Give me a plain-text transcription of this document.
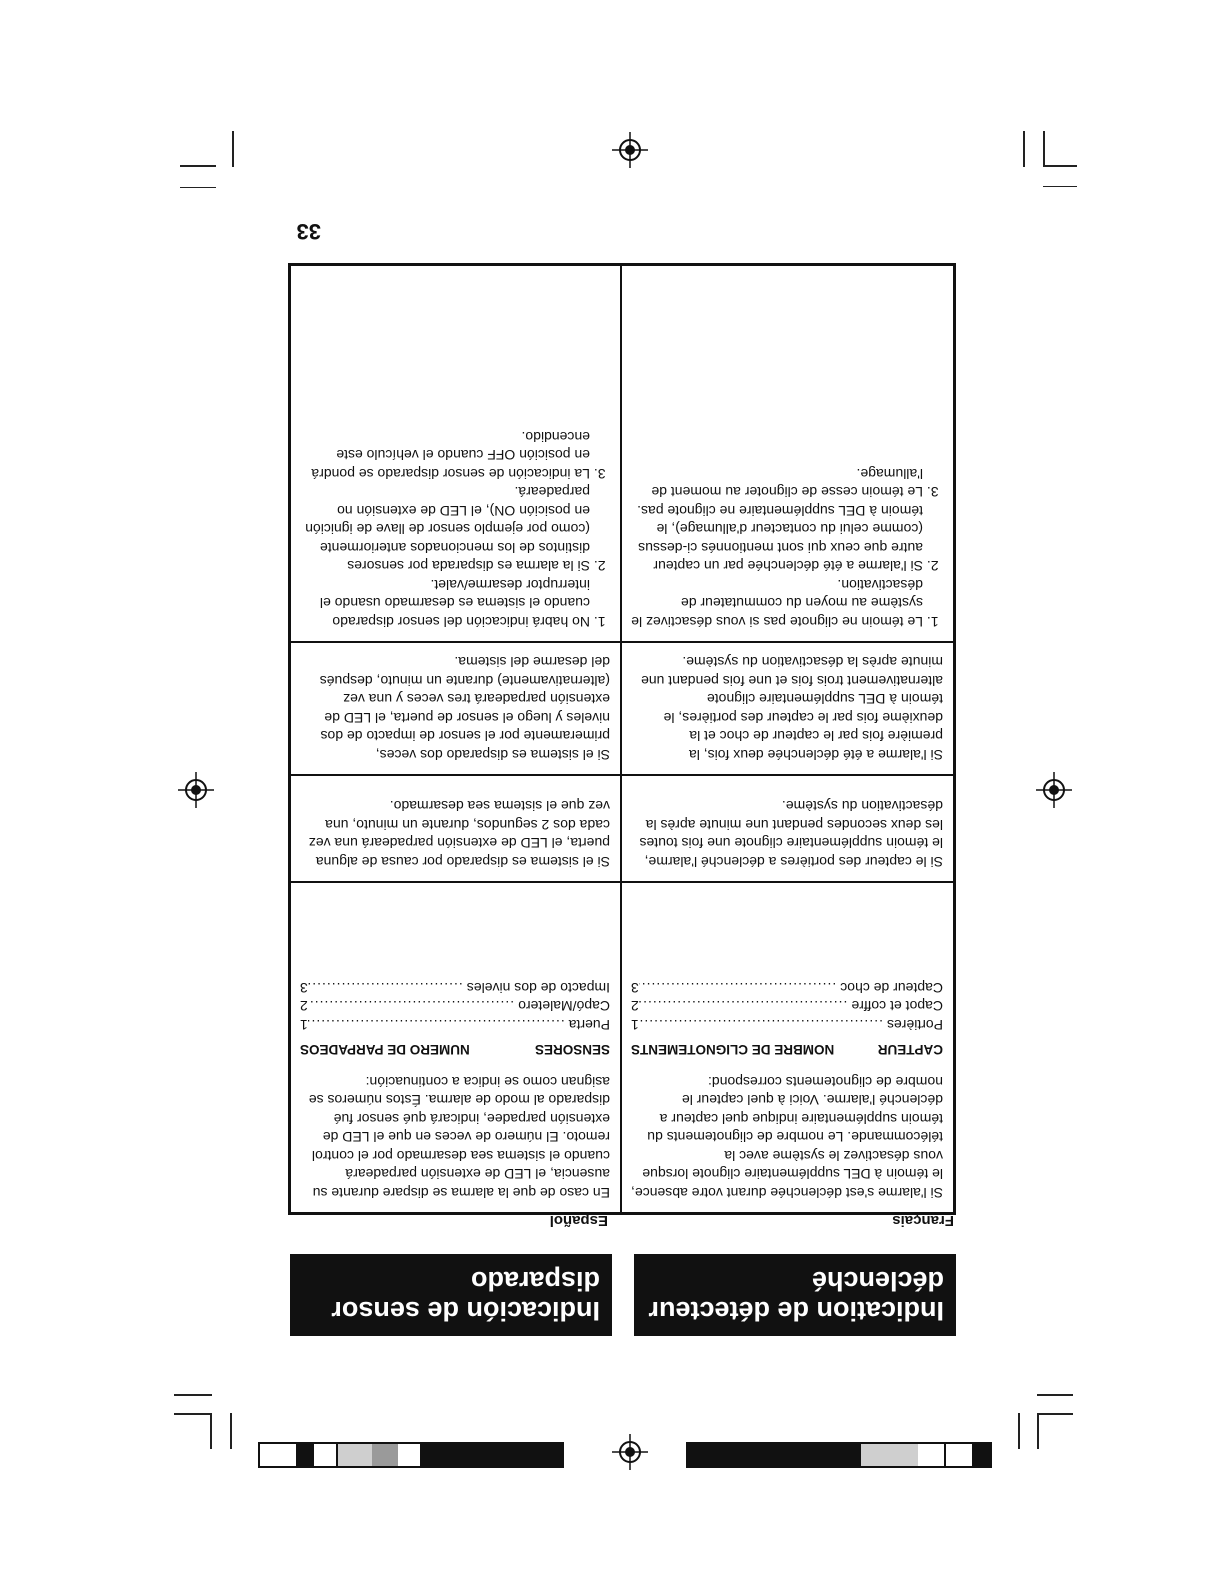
33
Indication de détecteur déclenché
Indicación de sensor disparado
Français
Español

Si l'alarme s'est déclenchée durant votre absence, le témoin à DEL supplémentaire clignote lorsque vous désactivez le système avec la télécommande. Le nombre de clignotements du témoin supplémentaire indique quel capteur a déclenché l'alarme. Voici à quel capteur le nombre de clignotements correspond:

CAPTEUR
NOMBRE DE CLIGNOTEMENTS
Portières
.....
1
Capot et coffre
.....
2
Capteur de choc
.....
3

Si le capteur des portières a déclenché l'alarme, le témoin supplémentaire clignote une fois toutes les deux secondes pendant une minute après la désactivation du système.

Si l'alarme a été déclenchée deux fois, la première fois par le capteur de choc et la deuxième fois par le capteur des portières, le témoin à DEL supplémentaire clignote alternativement trois fois et une fois pendant une minute après la désactivation du système.

1. Le témoin ne clignote pas si vous désactivez le système au moyen du commutateur de désactivation.
2. Si l'alarme a été déclenchée par un capteur autre que ceux qui sont mentionnés ci-dessus (comme celui du contacteur d'allumage), le témoin à DEL supplémentaire ne clignote pas.
3. Le témoin cesse de clignoter au moment de l'allumage.

En caso de que la alarma se dispare durante su ausencia, el LED de extensión parpadeará cuando el sistema sea desarmado por el control remoto. El número de veces en que el LED de extensión parpadee, indicará qué sensor fué disparado al modo de alarma. Éstos números se asignan como se indica a continuación:

SENSORES
NUMERO DE PARPADEOS
Puerta
.....
1
Capó/Maletero
.....
2
Impacto de dos niveles
.....
3

Si el sistema es disparado por causa de alguna puerta, el LED de extensión parpadeará una vez cada dos 2 segundos, durante un minuto, una vez que el sistema sea desarmado.

Si el sistema es disparado dos veces, primeramente por el sensor de impacto de dos niveles y luego el sensor de puerta, el LED de extensión parpadeará tres veces y una vez (alternativamente) durante un minuto, después del desarme del sistema.

1. No habrá indicación del sensor disparado cuando el sistema es desarmado usando el interruptor desarme/valet.
2. Si la alarma es disparada por sensores distintos de los mencionados anteriormente (como por ejemplo sensor de llave de ignición en posición ON), el LED de extensión no parpadeará.
3. La indicación de sensor disparado se pondrá en posición OFF cuando el vehículo este encendido.
